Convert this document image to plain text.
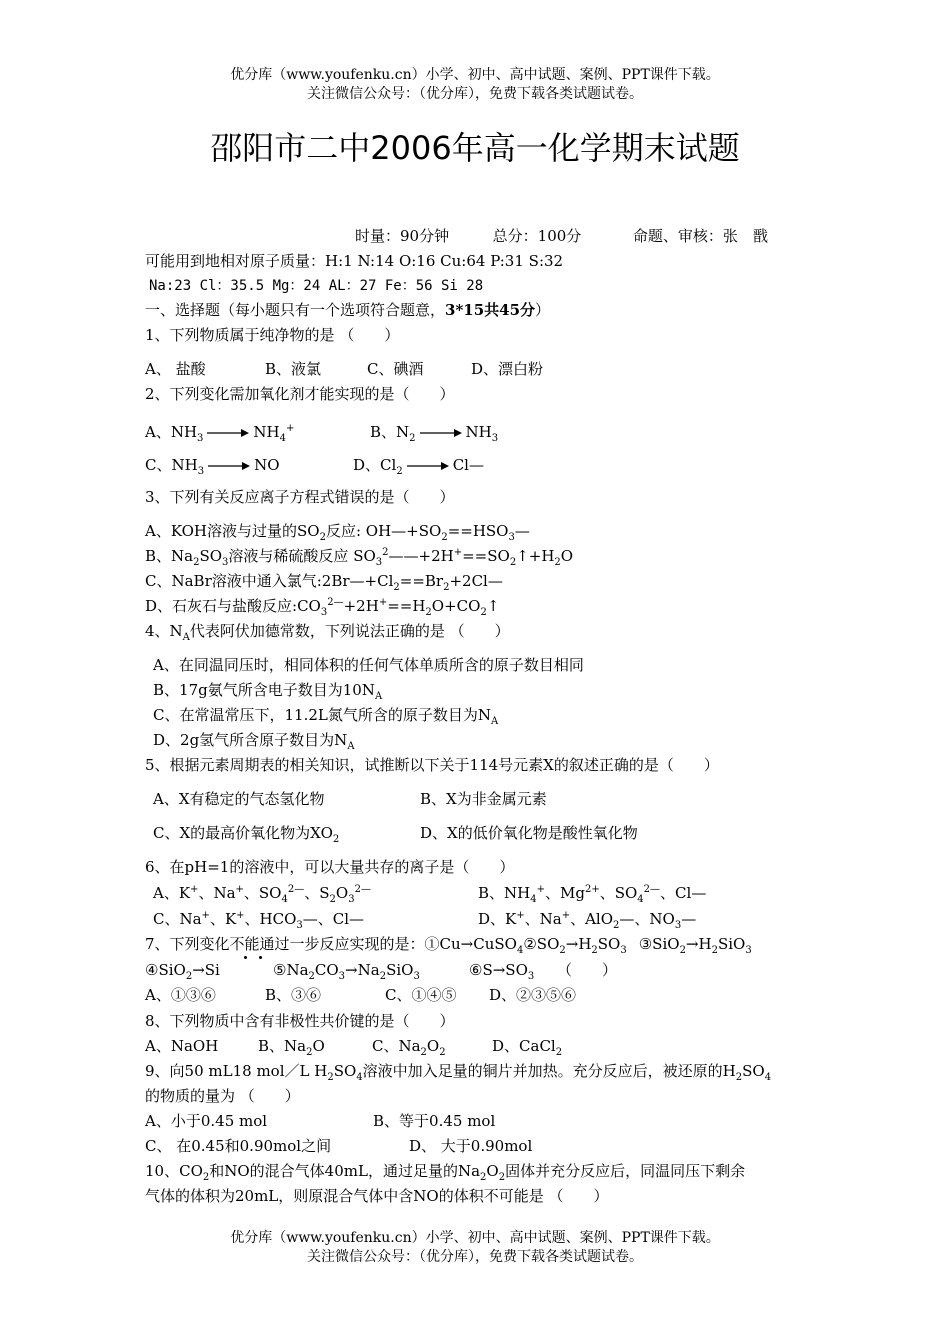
优分库（www.youfenku.cn）小学、初中、高中试题、案例、PPT课件下载。
关注微信公众号：（优分库），免费下载各类试题试卷。
邵阳市二中2006年高一化学期末试题
时量：90分钟	总分：100分	命题、审核：张　戬
可能用到地相对原子质量：H:1 N:14 O:16 Cu:64 P:31 S:32
Na:23 Cl：35.5 Mg：24 AL：27 Fe：56 Si 28
一、选择题（每小题只有一个选项符合题意，3*15共45分）
1、下列物质属于纯净物的是 （　　）
A、 盐酸	B、液氯	C、碘酒	D、漂白粉
2、下列变化需加氧化剂才能实现的是（　　）
A、$NH_3 \to NH_4^+$	B、$N_2 \to NH_3$
C、$NH_3$ → NO	D、$Cl_2$ → Cl—
3、下列有关反应离子方程式错误的是（　　）
A、KOH溶液与过量的$SO_2$反应: $OH—+SO_2==HSO_3—$
B、$Na_2SO_3$溶液与稀硫酸反应 $SO_3^2——+2H^+==SO_2↑+H_2O$
C、NaBr溶液中通入氯气$:2Br—+Cl_2==Br_2+2Cl—$
D、石灰石与盐酸反应$:CO_3^{2—}+2H^+==H_2O+CO_2↑$
4、$N_A$代表阿伏加德常数，下列说法正确的是 （　　）
A、在同温同压时，相同体积的任何气体单质所含的原子数目相同
B、17g氨气所含电子数目为$10N_A$
C、在常温常压下，11.2L氮气所含的原子数目为$N_A$
D、2g氢气所含原子数目为$N_A$
5、根据元素周期表的相关知识，试推断以下关于114号元素X的叙述正确的是（　　）
A、X有稳定的气态氢化物	B、X为非金属元素
C、X的最高价氧化物为$XO_2$	D、X的低价氧化物是酸性氧化物
6、在pH=1的溶液中，可以大量共存的离子是（　　）
A、K+、Na+、$SO_4^{2—}$、$S_2O_3^{2—}$	B、$NH_4^+$、$Mg^{2+}$、$SO_4^{2—}$、Cl—
C、Na+、K+、$HCO_3—$、Cl—	D、K+、Na+、AlO$_2$—、$NO_3—$
7、下列变化不能通过一步反应实现的是：$①Cu\to CuSO_4②SO_2\to H_2SO_3$ $③SiO_2\to H_2SiO_3$
④SiO$_2$→Si	$⑤Na_2CO_3\to Na_2SiO_3$	$⑥S\to SO_3$ （　　）
A、①③⑥	B、③⑥	C、①④⑤ D、②③⑤⑥
8、下列物质中含有非极性共价键的是（　　）
A、NaOH	B、$Na_2O$	C、$Na_2O_2$	D、CaCl$_2$
9、向50 mL18 mol／L $H_2SO_4$溶液中加入足量的铜片并加热。充分反应后，被还原的$H_2SO_4$
的物质的量为 （　　）
A、小于0.45 mol	B、等于0.45 mol
C、 在0.45和0.90mol之间	D、 大于0.90mol
10、$CO_2$和NO的混合气体40mL，通过足量的$Na_2O_2$固体并充分反应后，同温同压下剩余
气体的体积为20mL，则原混合气体中含NO的体积不可能是 （　　）
优分库（www.youfenku.cn）小学、初中、高中试题、案例、PPT课件下载。
关注微信公众号：（优分库），免费下载各类试题试卷。
